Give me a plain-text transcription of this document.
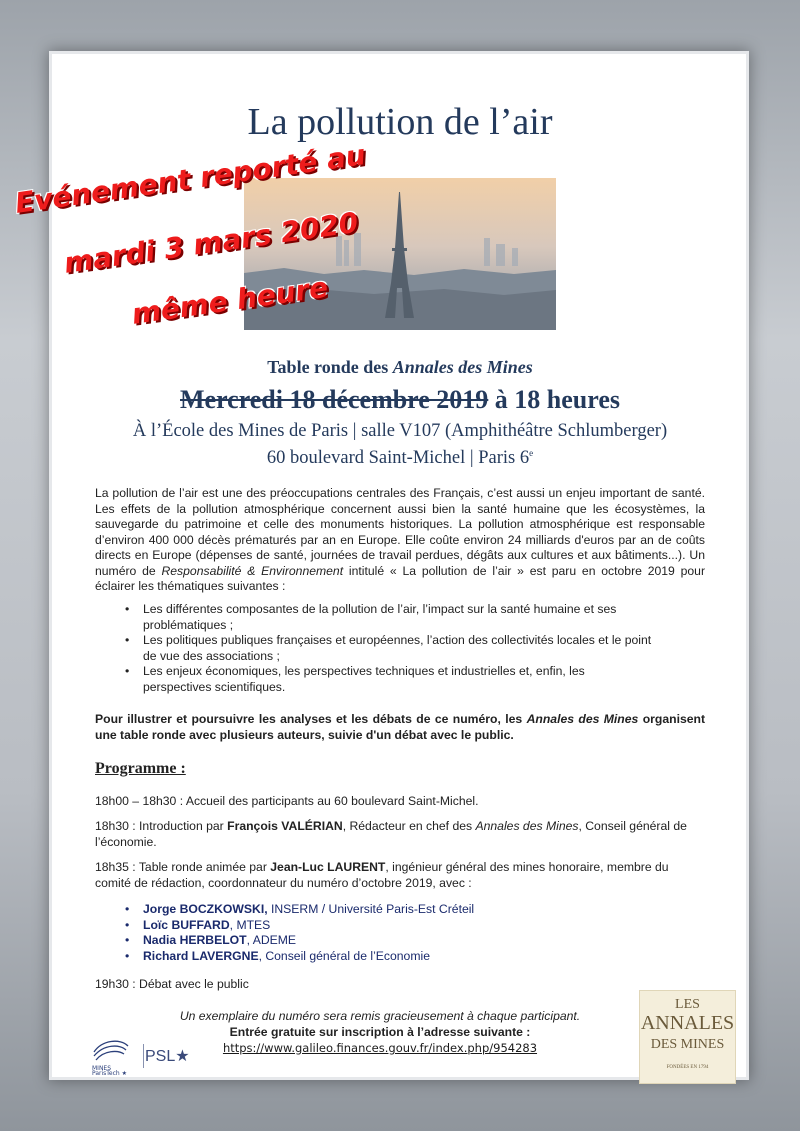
La pollution de l’air
Evénement reporté au
mardi 3 mars 2020
même heure
Table ronde des Annales des Mines
Mercredi 18 décembre 2019 à 18 heures
À l’École des Mines de Paris | salle V107 (Amphithéâtre Schlumberger)
60 boulevard Saint-Michel | Paris 6e
La pollution de l’air est une des préoccupations centrales des Français, c’est aussi un enjeu important de santé. Les effets de la pollution atmosphérique concernent aussi bien la santé humaine que les écosystèmes, la sauvegarde du patrimoine et celle des monuments historiques. La pollution atmosphérique est responsable d’environ 400 000 décès prématurés par an en Europe. Elle coûte environ 24 milliards d'euros par an de coûts directs en Europe (dépenses de santé, journées de travail perdues, dégâts aux cultures et aux bâtiments...). Un numéro de Responsabilité & Environnement intitulé « La pollution de l’air » est paru en octobre 2019 pour éclairer les thématiques suivantes :
• Les différentes composantes de la pollution de l’air, l’impact sur la santé humaine et ses problématiques ;
• Les politiques publiques françaises et européennes, l’action des collectivités locales et le point de vue des associations ;
• Les enjeux économiques, les perspectives techniques et industrielles et, enfin, les perspectives scientifiques.
Pour illustrer et poursuivre les analyses et les débats de ce numéro, les Annales des Mines organisent une table ronde avec plusieurs auteurs, suivie d'un débat avec le public.
Programme :
18h00 – 18h30 : Accueil des participants au 60 boulevard Saint-Michel.
18h30 : Introduction par François VALÉRIAN, Rédacteur en chef des Annales des Mines, Conseil général de l’économie.
18h35 : Table ronde animée par Jean-Luc LAURENT, ingénieur général des mines honoraire, membre du comité de rédaction, coordonnateur du numéro d’octobre 2019, avec :
• Jorge BOCZKOWSKI, INSERM / Université Paris-Est Créteil
• Loïc BUFFARD, MTES
• Nadia HERBELOT, ADEME
• Richard LAVERGNE, Conseil général de l’Economie
19h30 : Débat avec le public
Un exemplaire du numéro sera remis gracieusement à chaque participant.
Entrée gratuite sur inscription à l’adresse suivante :
https://www.galileo.finances.gouv.fr/index.php/954283
LES
ANNALES
DES MINES
FONDÉES EN 1794
MINES
ParisTech ★
PSL★
